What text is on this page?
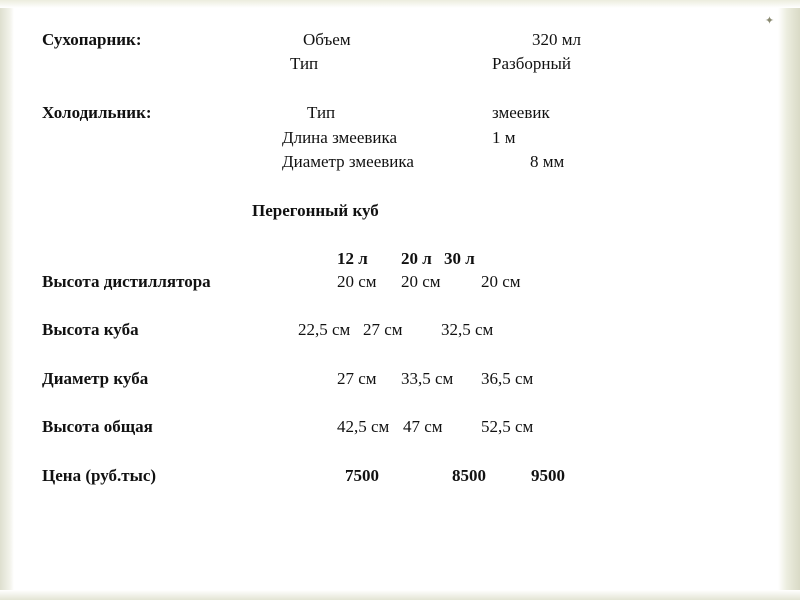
✦
Сухопарник:	Объем	320 мл
Тип	Разборный
Холодильник:	Тип	змеевик
Длина змеевика	1 м
Диаметр змеевика	8 мм
Перегонный куб
12 л 20 л 30 л
Высота дистиллятора	20 см 20 см 20 см
Высота куба	22,5 см 27 см 32,5 см
Диаметр куба	27 см 33,5 см 36,5 см
Высота общая	42,5 см 47 см 52,5 см
Цена (руб.тыс)	7500	8500	9500
